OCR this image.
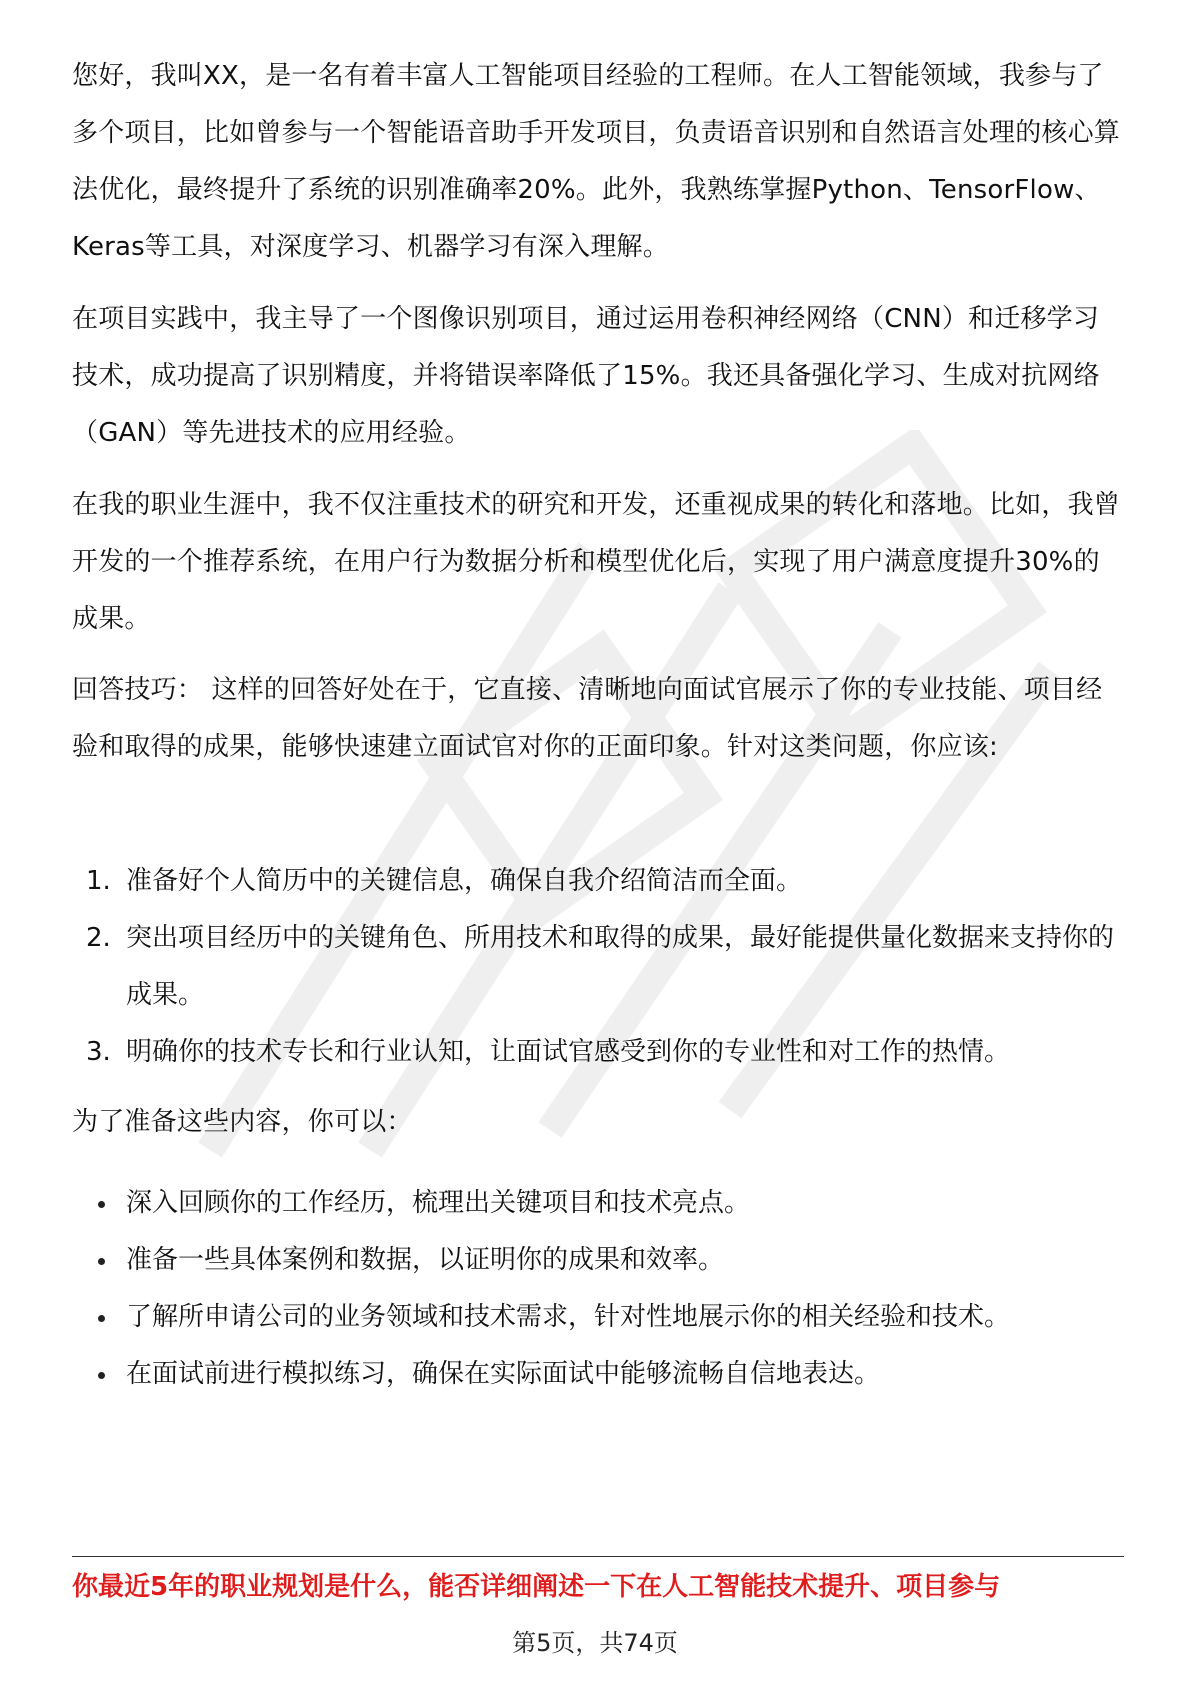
您好，我叫XX，是一名有着丰富人工智能项目经验的工程师。在人工智能领域，我参与了多个项目，比如曾参与一个智能语音助手开发项目，负责语音识别和自然语言处理的核心算法优化，最终提升了系统的识别准确率20%。此外，我熟练掌握Python、TensorFlow、Keras等工具，对深度学习、机器学习有深入理解。

在项目实践中，我主导了一个图像识别项目，通过运用卷积神经网络（CNN）和迁移学习技术，成功提高了识别精度，并将错误率降低了15%。我还具备强化学习、生成对抗网络（GAN）等先进技术的应用经验。

在我的职业生涯中，我不仅注重技术的研究和开发，还重视成果的转化和落地。比如，我曾开发的一个推荐系统，在用户行为数据分析和模型优化后，实现了用户满意度提升30%的成果。

回答技巧： 这样的回答好处在于，它直接、清晰地向面试官展示了你的专业技能、项目经验和取得的成果，能够快速建立面试官对你的正面印象。针对这类问题，你应该:

1. 准备好个人简历中的关键信息，确保自我介绍简洁而全面。
2. 突出项目经历中的关键角色、所用技术和取得的成果，最好能提供量化数据来支持你的成果。
3. 明确你的技术专长和行业认知，让面试官感受到你的专业性和对工作的热情。

为了准备这些内容，你可以：

深入回顾你的工作经历，梳理出关键项目和技术亮点。
准备一些具体案例和数据，以证明你的成果和效率。
了解所申请公司的业务领域和技术需求，针对性地展示你的相关经验和技术。
在面试前进行模拟练习，确保在实际面试中能够流畅自信地表达。
你最近5年的职业规划是什么，能否详细阐述一下在人工智能技术提升、项目参与
第5页，共74页
